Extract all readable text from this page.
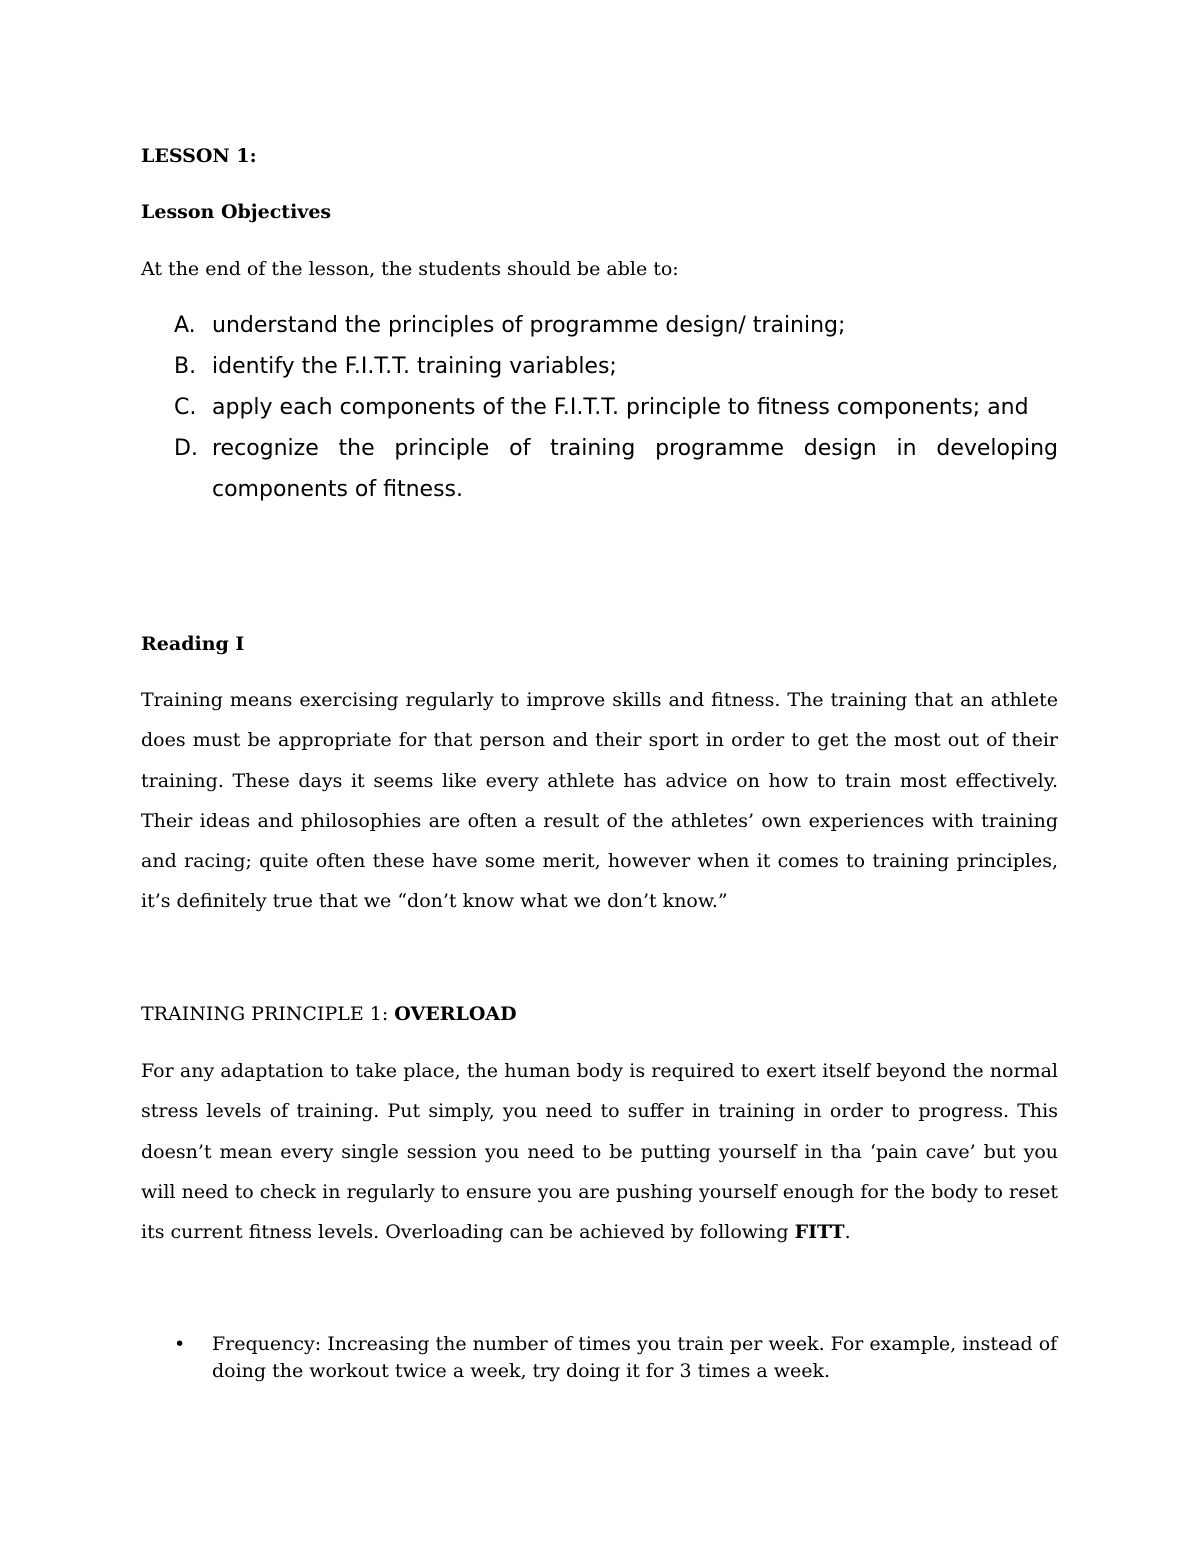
LESSON 1:
Lesson Objectives
At the end of the lesson, the students should be able to:
A. understand the principles of programme design/ training;
B. identify the F.I.T.T. training variables;
C. apply each components of the F.I.T.T. principle to fitness components; and
D. recognize the principle of training programme design in developing components of fitness.
Reading I

Training means exercising regularly to improve skills and fitness. The training that an athlete does must be appropriate for that person and their sport in order to get the most out of their training. These days it seems like every athlete has advice on how to train most effectively. Their ideas and philosophies are often a result of the athletes’ own experiences with training and racing; quite often these have some merit, however when it comes to training principles, it’s definitely true that we “don’t know what we don’t know.”

TRAINING PRINCIPLE 1: OVERLOAD

For any adaptation to take place, the human body is required to exert itself beyond the normal stress levels of training. Put simply, you need to suffer in training in order to progress. This doesn’t mean every single session you need to be putting yourself in tha ‘pain cave’ but you will need to check in regularly to ensure you are pushing yourself enough for the body to reset its current fitness levels. Overloading can be achieved by following FITT.

• Frequency: Increasing the number of times you train per week. For example, instead of doing the workout twice a week, try doing it for 3 times a week.
